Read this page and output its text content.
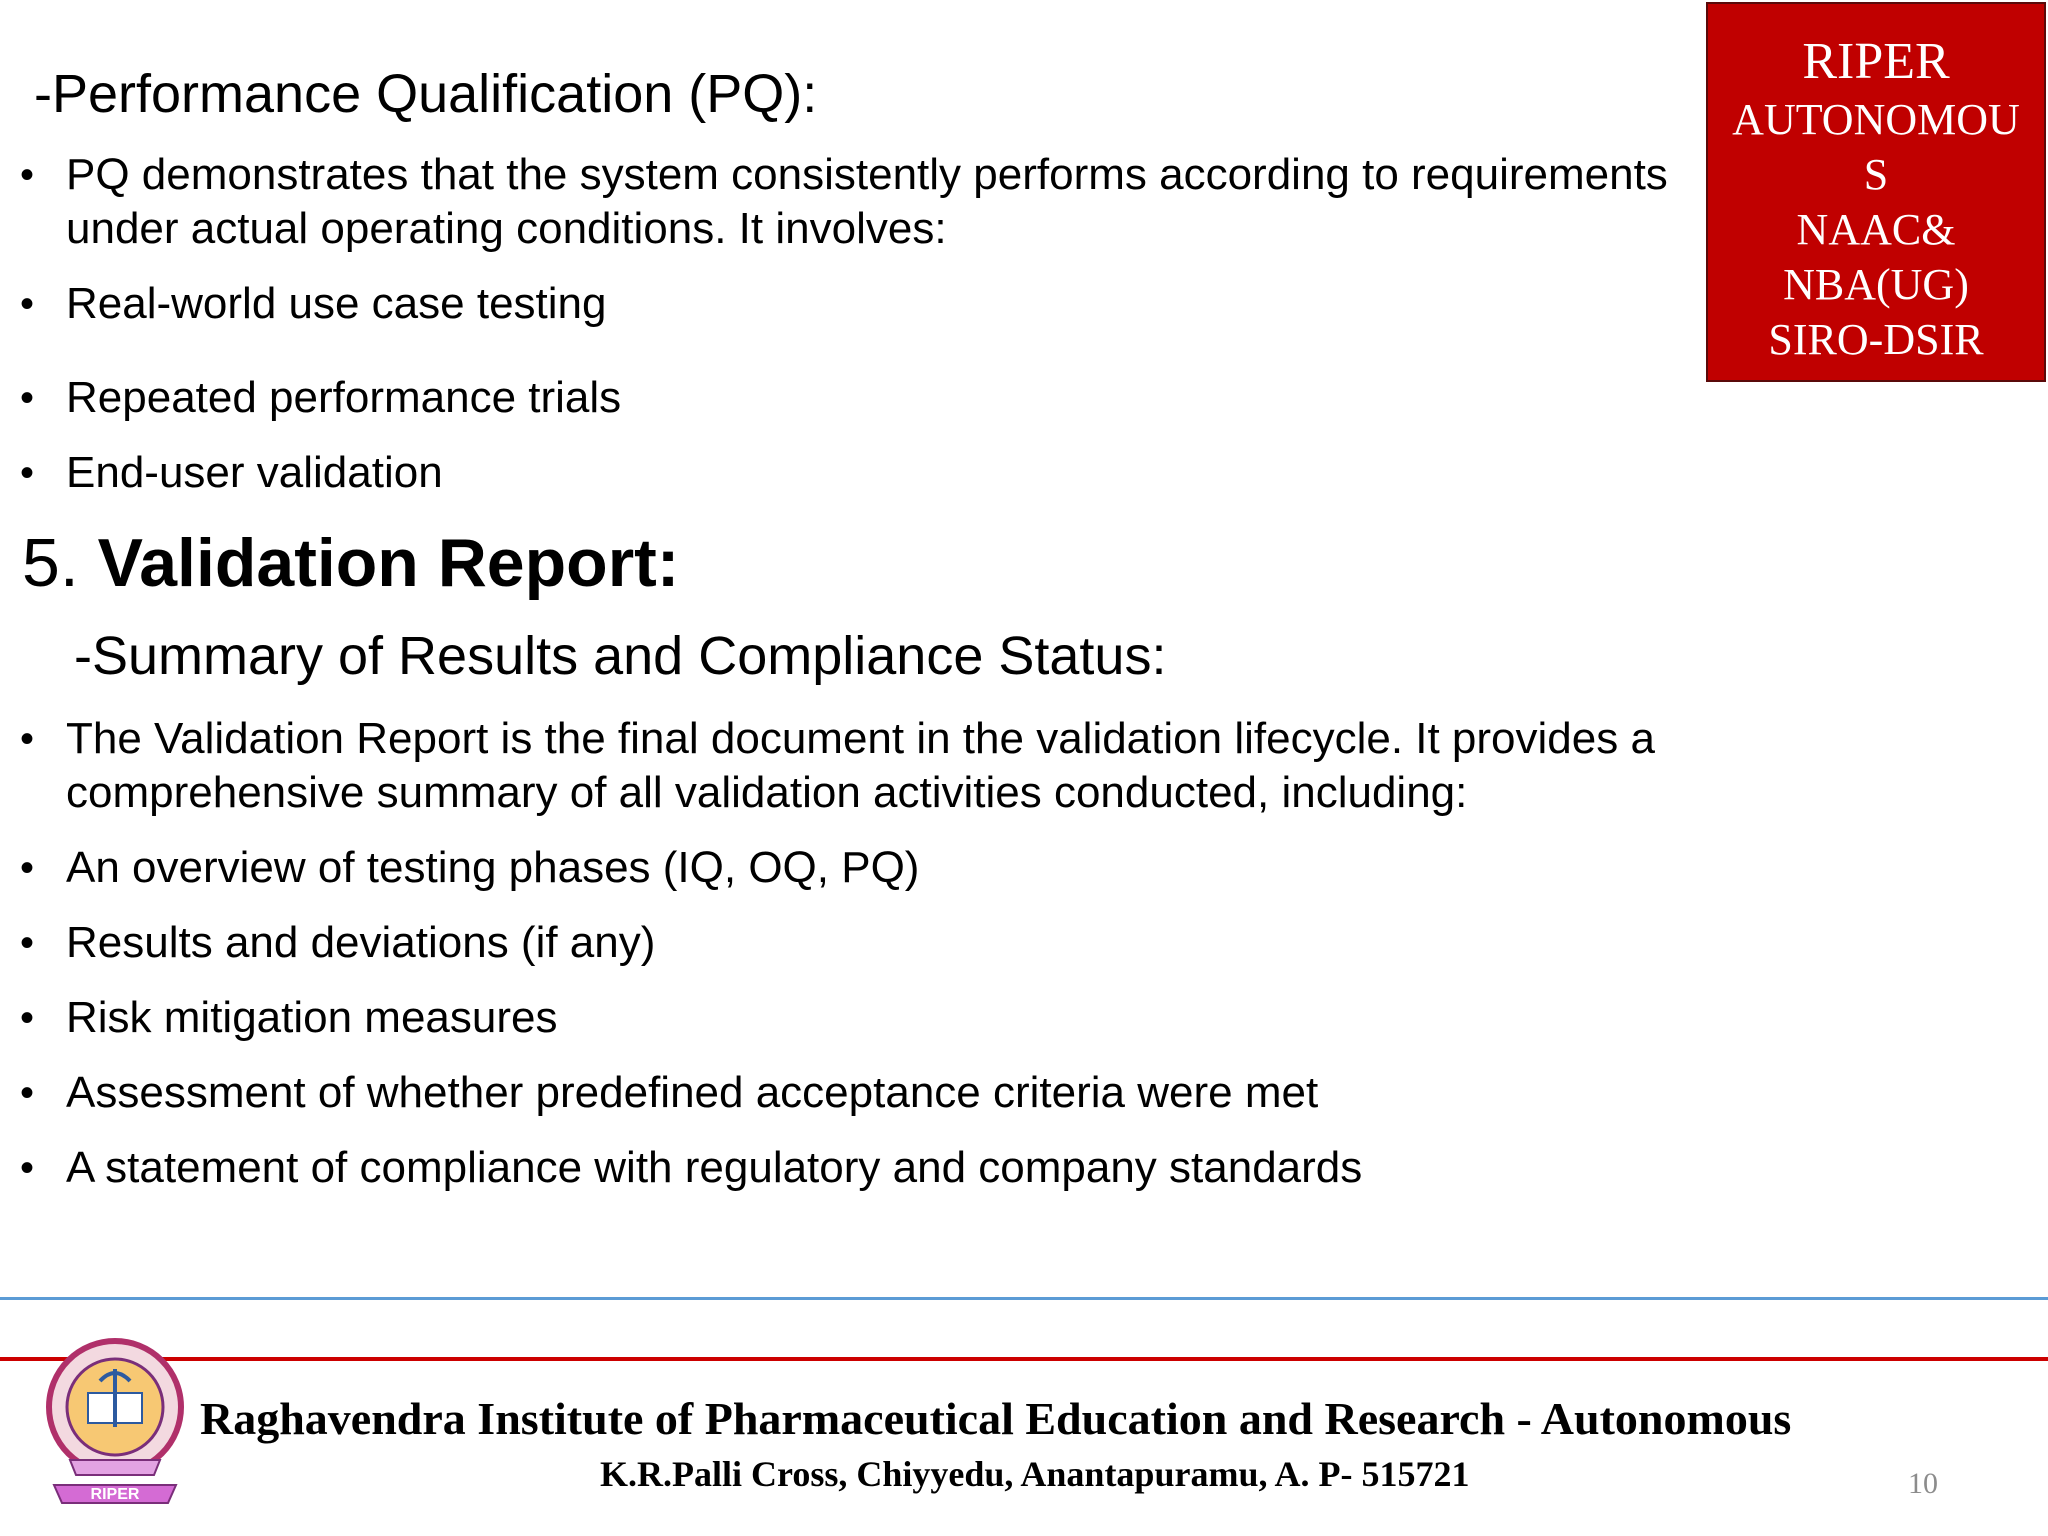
RIPER
AUTONOMOU
S
NAAC&
NBA(UG)
SIRO-DSIR
-Performance Qualification (PQ):
• PQ demonstrates that the system consistently performs according to requirements under actual operating conditions. It involves:
• Real-world use case testing
• Repeated performance trials
• End-user validation
5. Validation Report:
-Summary of Results and Compliance Status:
• The Validation Report is the final document in the validation lifecycle. It provides a comprehensive summary of all validation activities conducted, including:
• An overview of testing phases (IQ, OQ, PQ)
• Results and deviations (if any)
• Risk mitigation measures
• Assessment of whether predefined acceptance criteria were met
• A statement of compliance with regulatory and company standards
RIPER
Raghavendra Institute of Pharmaceutical Education and Research - Autonomous
K.R.Palli Cross, Chiyyedu, Anantapuramu, A. P- 515721	10
